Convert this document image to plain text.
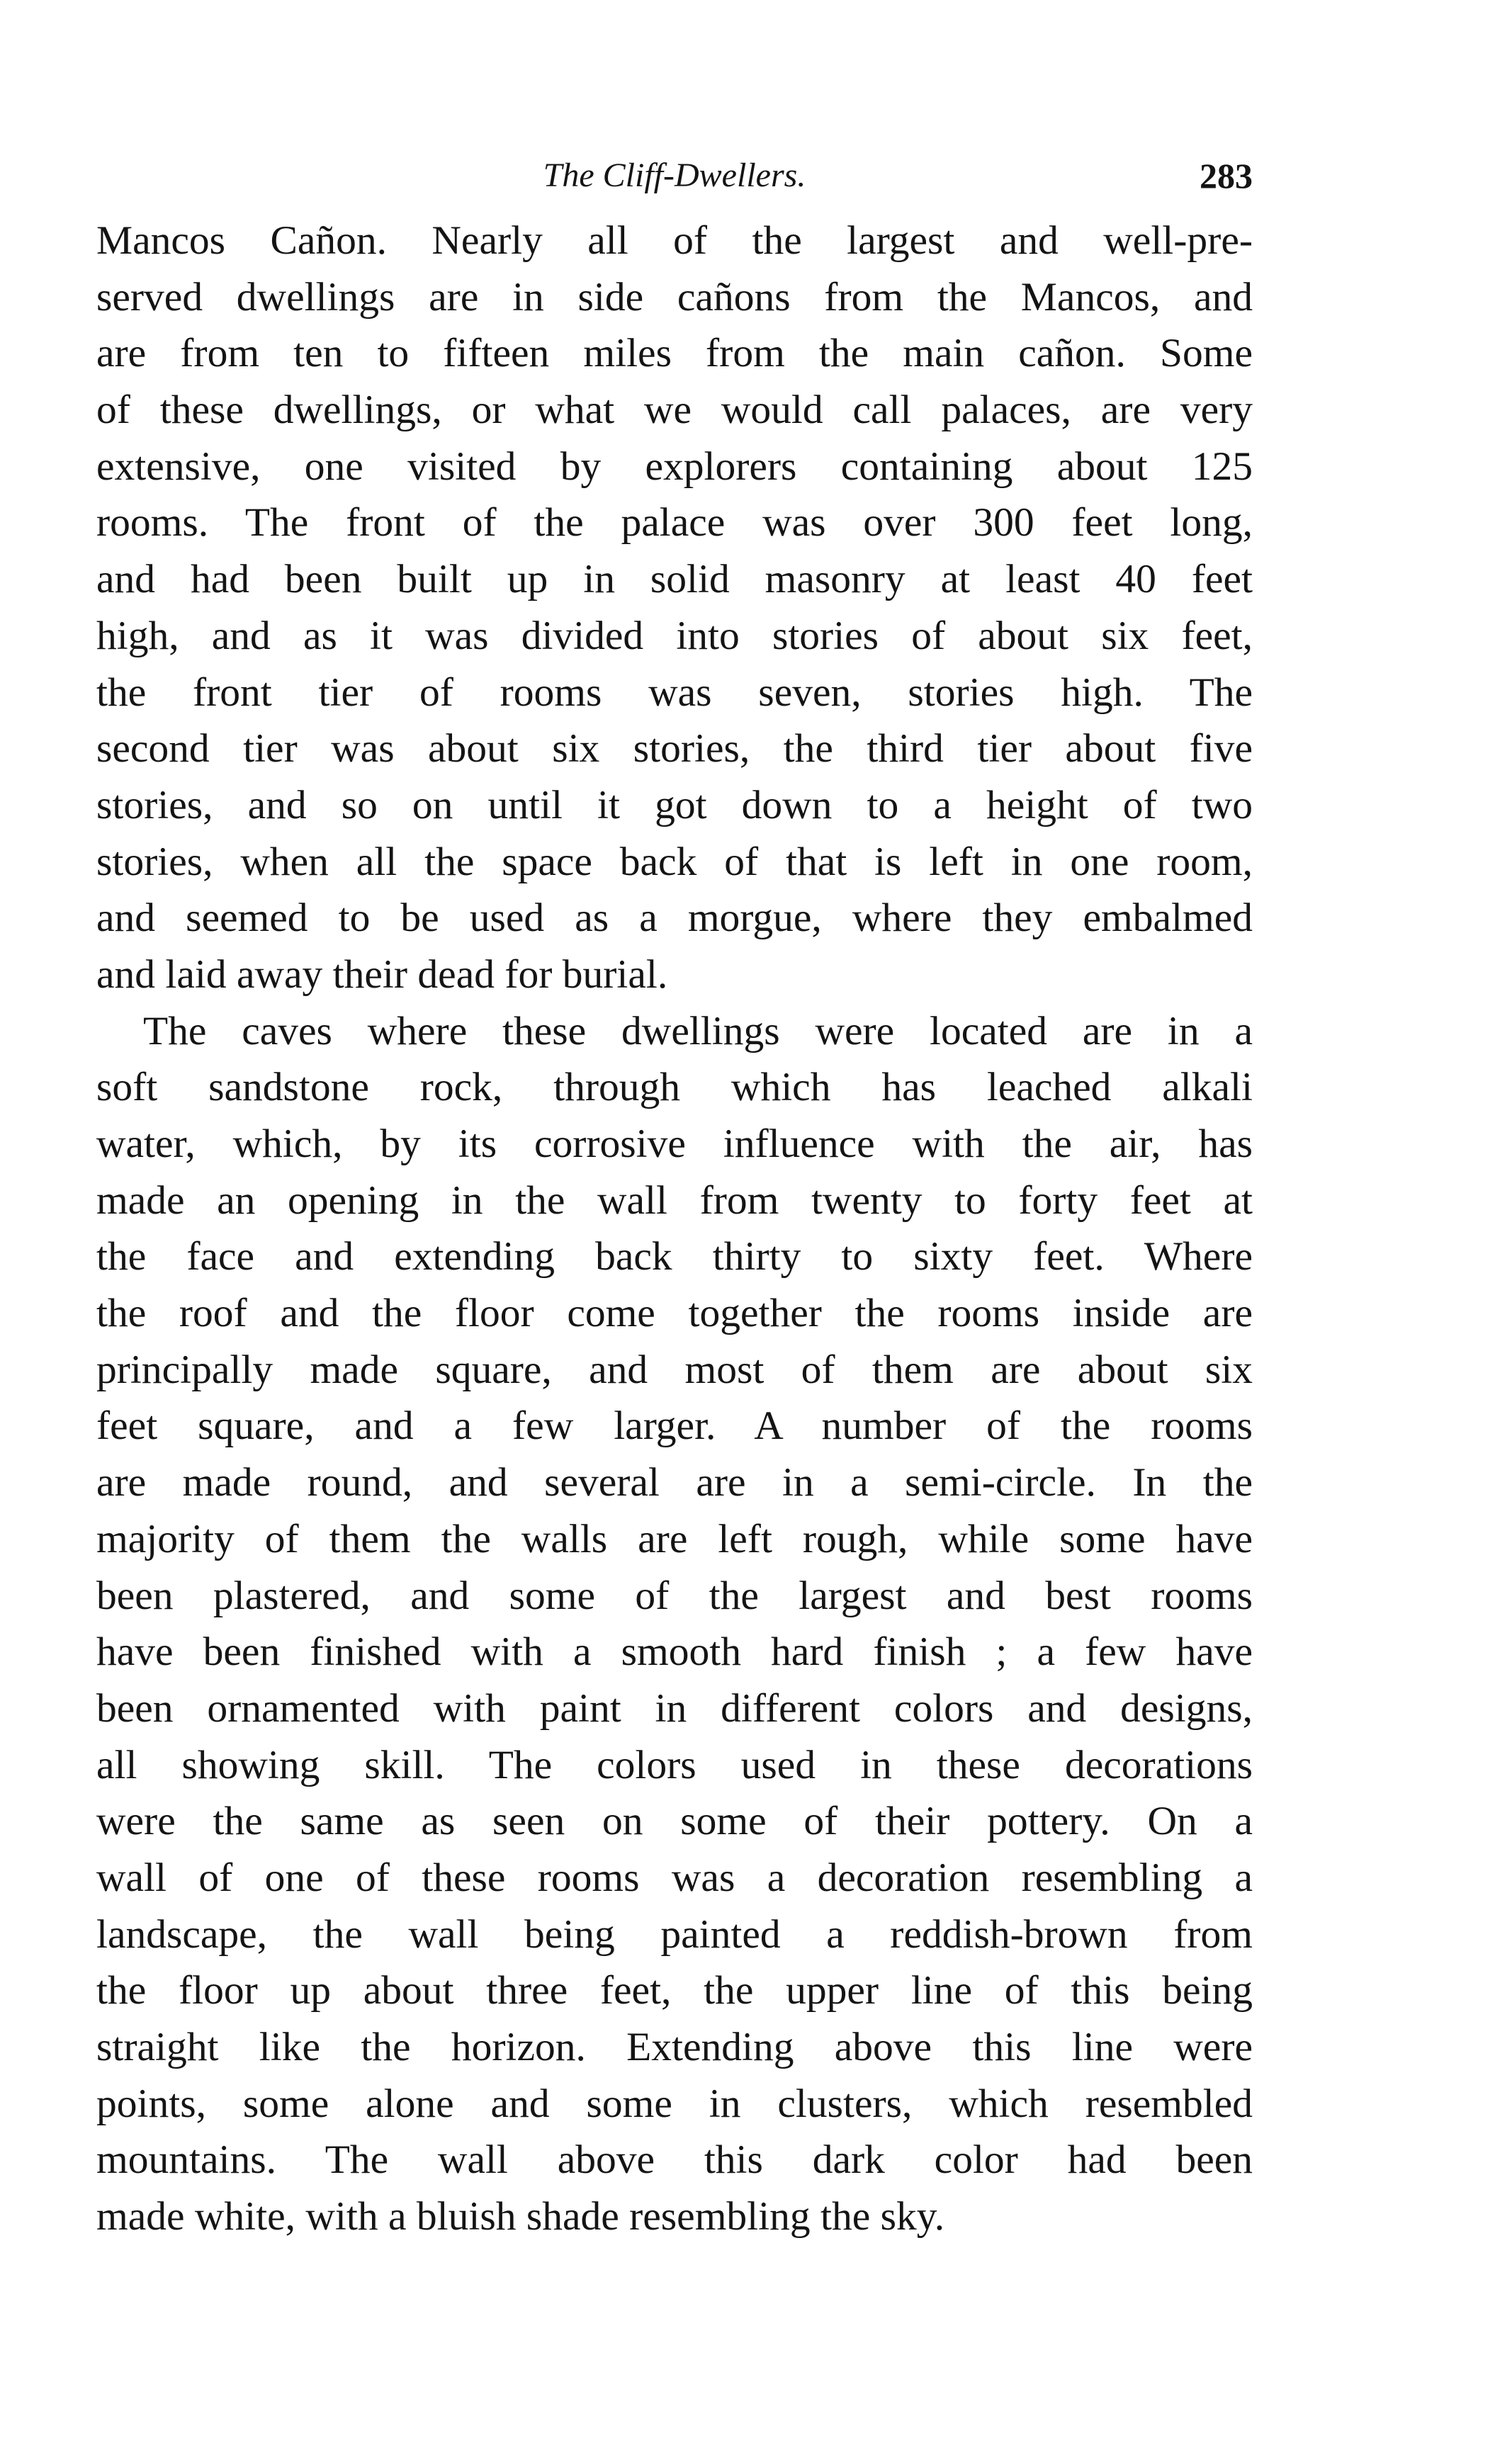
The Cliff-Dwellers.	283
Mancos Cañon. Nearly all of the largest and well-pre-
served dwellings are in side cañons from the Mancos, and
are from ten to fifteen miles from the main cañon. Some
of these dwellings, or what we would call palaces, are very
extensive, one visited by explorers containing about 125
rooms. The front of the palace was over 300 feet long,
and had been built up in solid masonry at least 40 feet
high, and as it was divided into stories of about six feet,
the front tier of rooms was seven, stories high. The
second tier was about six stories, the third tier about five
stories, and so on until it got down to a height of two
stories, when all the space back of that is left in one room,
and seemed to be used as a morgue, where they embalmed
and laid away their dead for burial.
The caves where these dwellings were located are in a
soft sandstone rock, through which has leached alkali
water, which, by its corrosive influence with the air, has
made an opening in the wall from twenty to forty feet at
the face and extending back thirty to sixty feet. Where
the roof and the floor come together the rooms inside are
principally made square, and most of them are about six
feet square, and a few larger. A number of the rooms
are made round, and several are in a semi-circle. In the
majority of them the walls are left rough, while some have
been plastered, and some of the largest and best rooms
have been finished with a smooth hard finish ; a few have
been ornamented with paint in different colors and designs,
all showing skill. The colors used in these decorations
were the same as seen on some of their pottery. On a
wall of one of these rooms was a decoration resembling a
landscape, the wall being painted a reddish-brown from
the floor up about three feet, the upper line of this being
straight like the horizon. Extending above this line were
points, some alone and some in clusters, which resembled
mountains. The wall above this dark color had been
made white, with a bluish shade resembling the sky.
